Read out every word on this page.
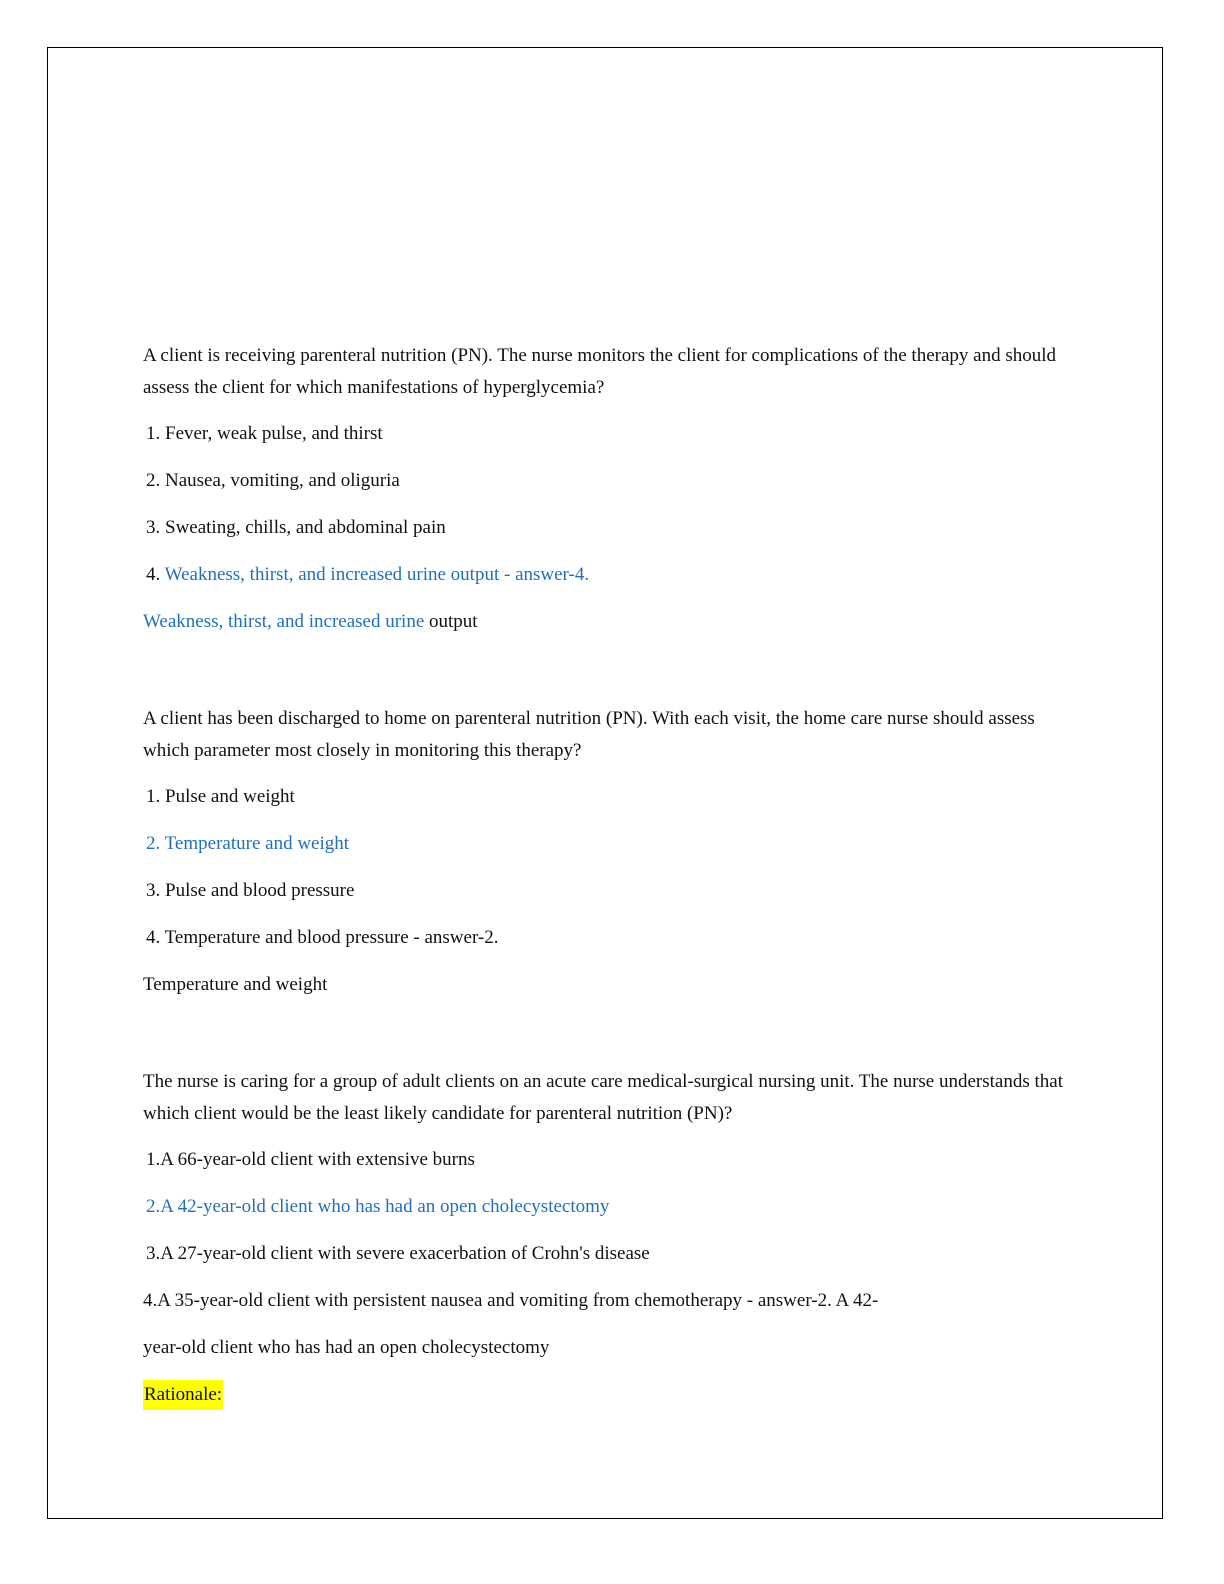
A client is receiving parenteral nutrition (PN). The nurse monitors the client for complications of the therapy and should assess the client for which manifestations of hyperglycemia?

1. Fever, weak pulse, and thirst

2. Nausea, vomiting, and oliguria

3. Sweating, chills, and abdominal pain

4. Weakness, thirst, and increased urine output - answer-4.

Weakness, thirst, and increased urine output

A client has been discharged to home on parenteral nutrition (PN). With each visit, the home care nurse should assess which parameter most closely in monitoring this therapy?

1. Pulse and weight

2. Temperature and weight

3. Pulse and blood pressure

4. Temperature and blood pressure - answer-2.

Temperature and weight

The nurse is caring for a group of adult clients on an acute care medical-surgical nursing unit. The nurse understands that which client would be the least likely candidate for parenteral nutrition (PN)?

1.A 66-year-old client with extensive burns

2.A 42-year-old client who has had an open cholecystectomy

3.A 27-year-old client with severe exacerbation of Crohn's disease

4.A 35-year-old client with persistent nausea and vomiting from chemotherapy - answer-2. A 42-

year-old client who has had an open cholecystectomy

Rationale:
